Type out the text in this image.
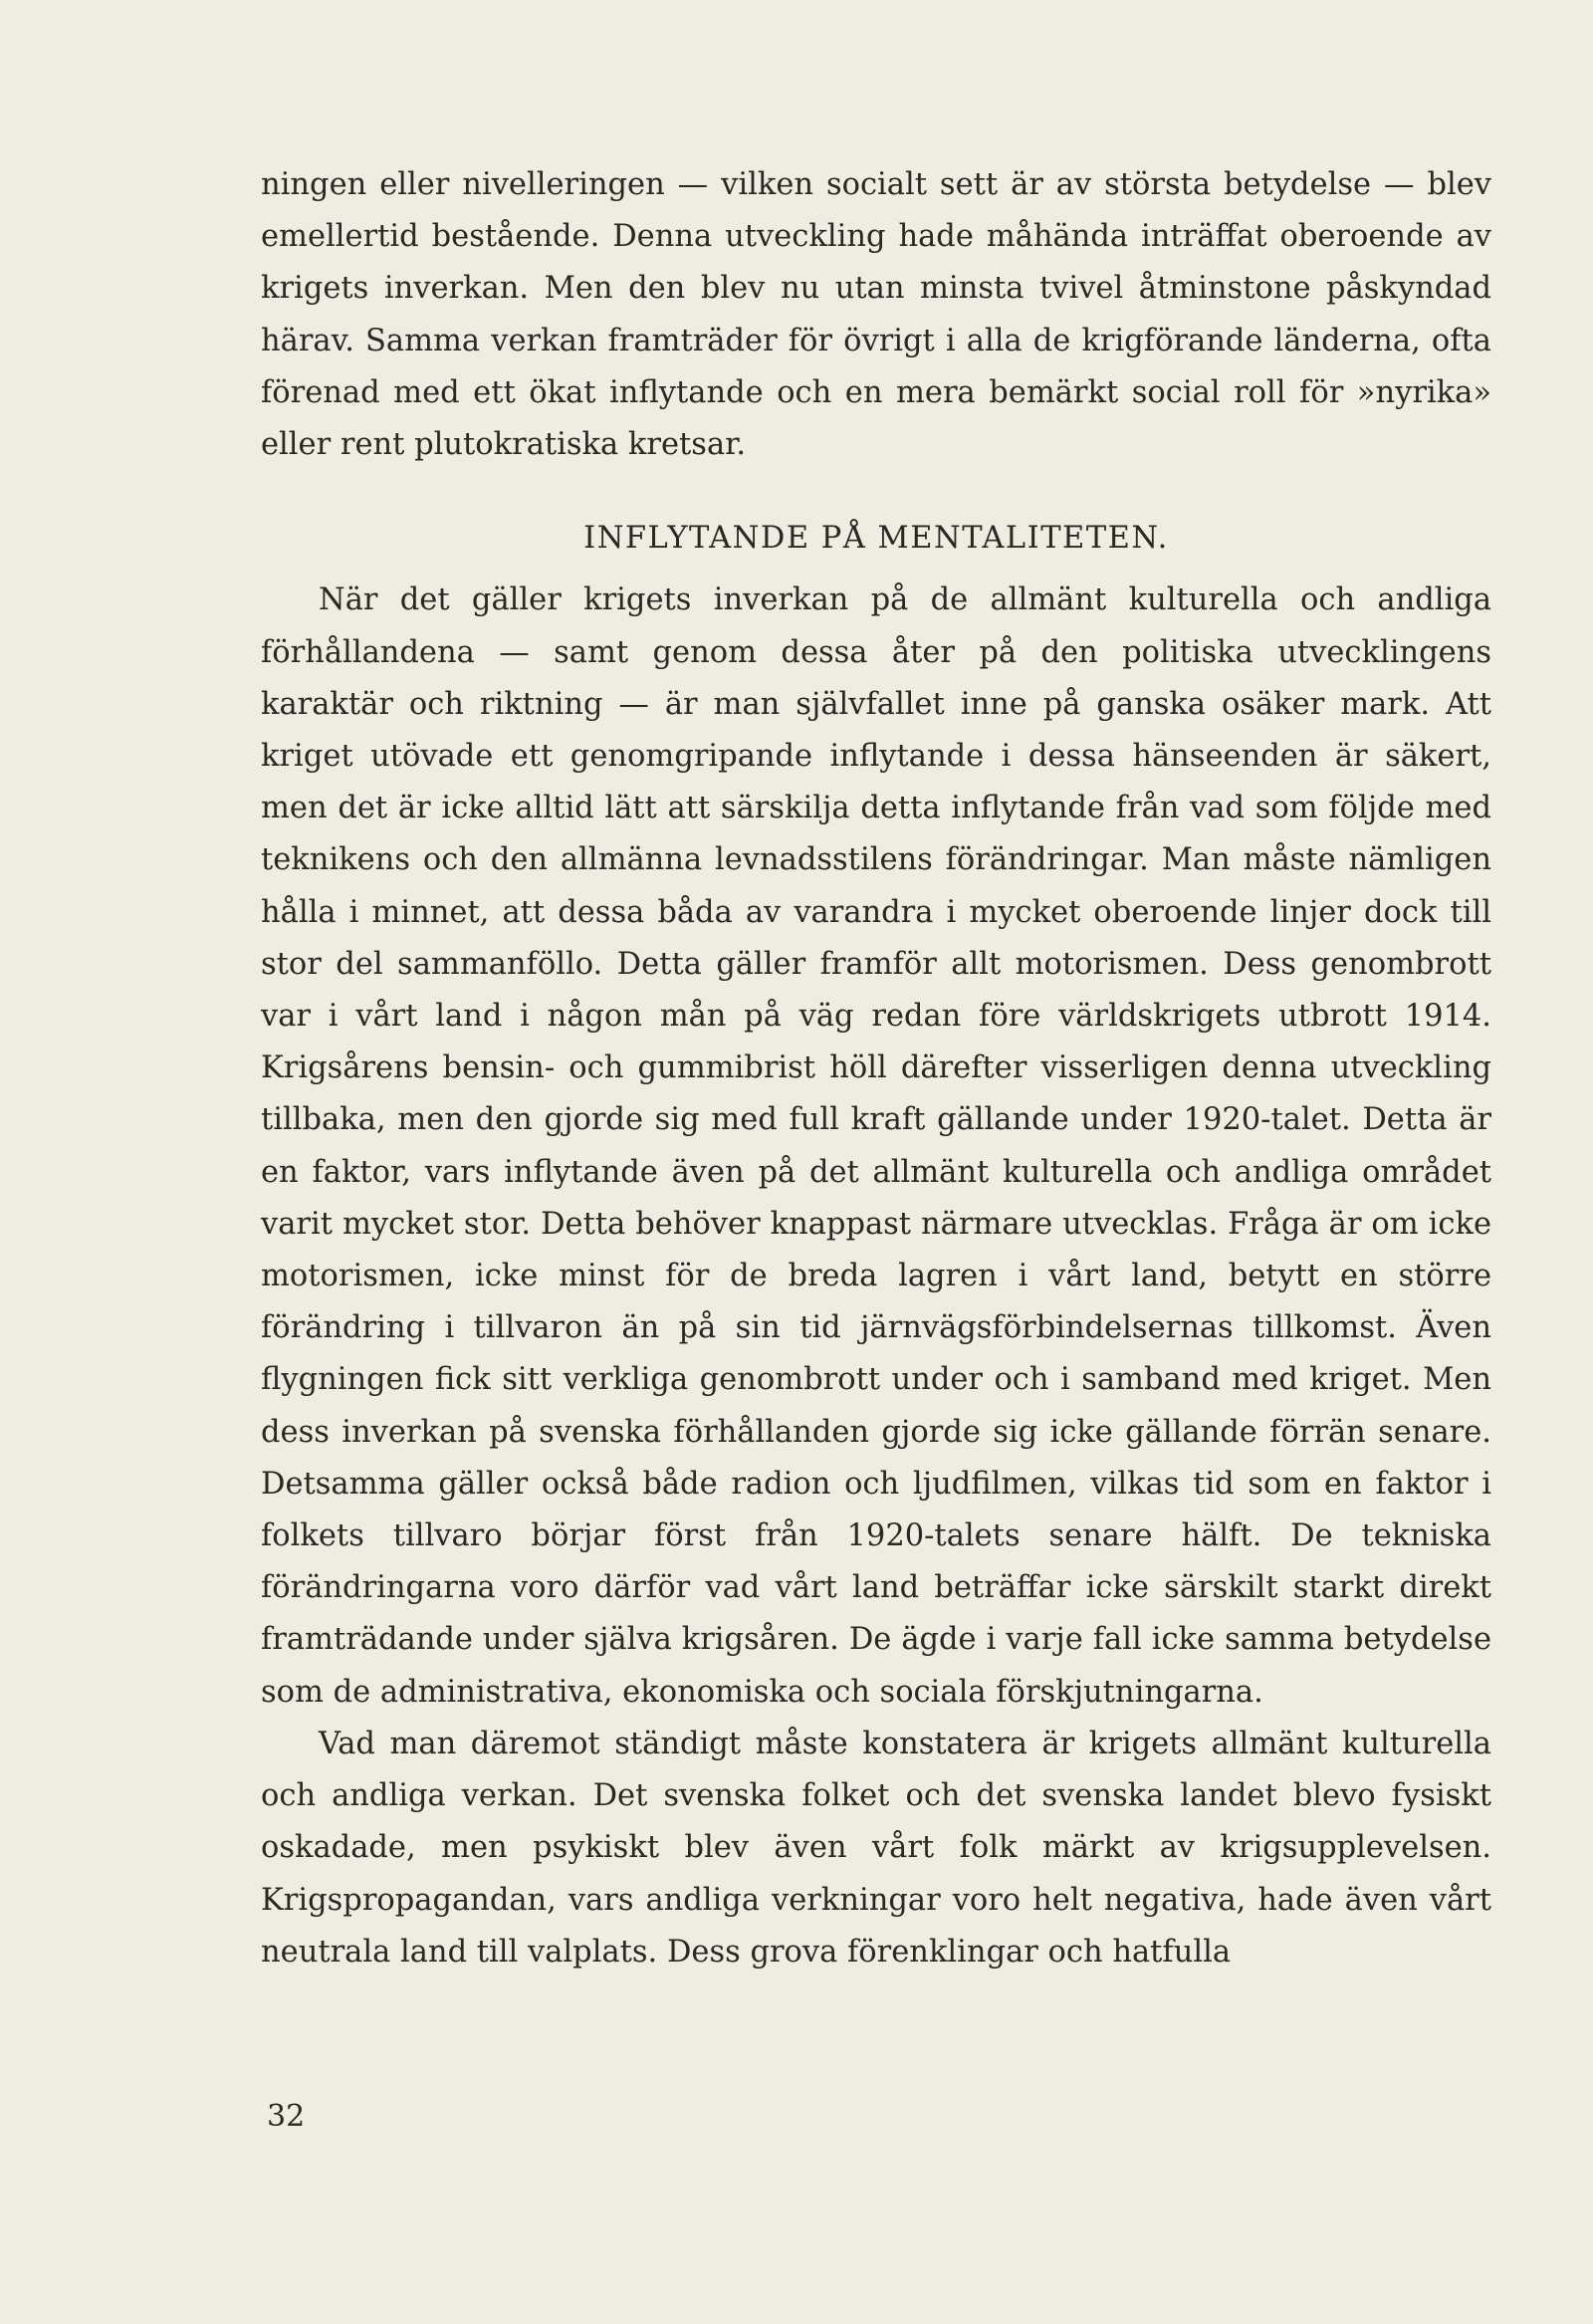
ningen eller nivelleringen — vilken socialt sett är av största betydelse — blev emellertid bestående. Denna utveckling hade måhända inträffat oberoende av krigets inverkan. Men den blev nu utan minsta tvivel åtminstone påskyndad härav. Samma verkan framträder för övrigt i alla de krigförande länderna, ofta förenad med ett ökat inflytande och en mera bemärkt social roll för »nyrika» eller rent plutokratiska kretsar.

INFLYTANDE PÅ MENTALITETEN.

När det gäller krigets inverkan på de allmänt kulturella och andliga förhållandena — samt genom dessa åter på den politiska utvecklingens karaktär och riktning — är man självfallet inne på ganska osäker mark. Att kriget utövade ett genomgripande inflytande i dessa hänseenden är säkert, men det är icke alltid lätt att särskilja detta inflytande från vad som följde med teknikens och den allmänna levnadsstilens förändringar. Man måste nämligen hålla i minnet, att dessa båda av varandra i mycket oberoende linjer dock till stor del sammanföllo. Detta gäller framför allt motorismen. Dess genombrott var i vårt land i någon mån på väg redan före världskrigets utbrott 1914. Krigsårens bensin- och gummibrist höll därefter visserligen denna utveckling tillbaka, men den gjorde sig med full kraft gällande under 1920-talet. Detta är en faktor, vars inflytande även på det allmänt kulturella och andliga området varit mycket stor. Detta behöver knappast närmare utvecklas. Fråga är om icke motorismen, icke minst för de breda lagren i vårt land, betytt en större förändring i tillvaron än på sin tid järnvägsförbindelsernas tillkomst. Även flygningen fick sitt verkliga genombrott under och i samband med kriget. Men dess inverkan på svenska förhållanden gjorde sig icke gällande förrän senare. Detsamma gäller också både radion och ljudfilmen, vilkas tid som en faktor i folkets tillvaro börjar först från 1920-talets senare hälft. De tekniska förändringarna voro därför vad vårt land beträffar icke särskilt starkt direkt framträdande under själva krigsåren. De ägde i varje fall icke samma betydelse som de administrativa, ekonomiska och sociala förskjutningarna.

Vad man däremot ständigt måste konstatera är krigets allmänt kulturella och andliga verkan. Det svenska folket och det svenska landet blevo fysiskt oskadade, men psykiskt blev även vårt folk märkt av krigsupplevelsen. Krigspropagandan, vars andliga verkningar voro helt negativa, hade även vårt neutrala land till valplats. Dess grova förenklingar och hatfulla

32
